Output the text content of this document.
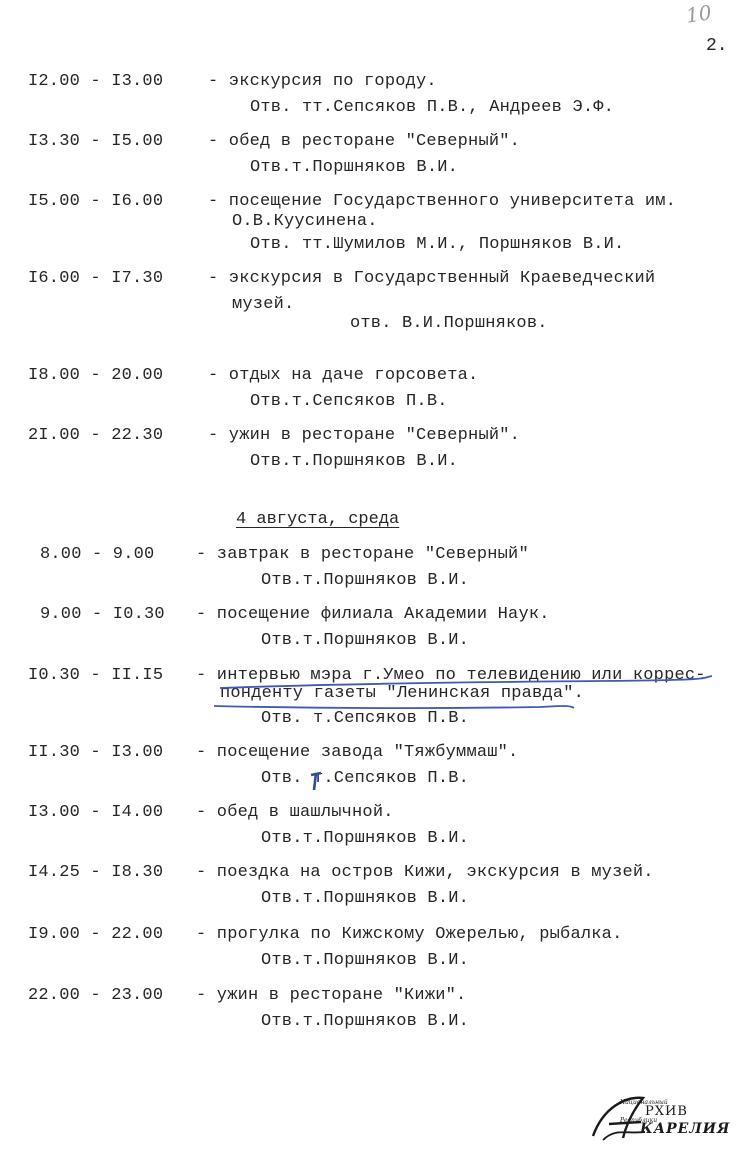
10
2.
I2.00 - I3.00	- экскурсия по городу.
Отв. тт.Сепсяков П.В., Андреев Э.Ф.
I3.30 - I5.00	- обед в ресторане "Северный".
Отв.т.Поршняков В.И.
I5.00 - I6.00	- посещение Государственного университета им.
О.В.Куусинена.
Отв. тт.Шумилов М.И., Поршняков В.И.
I6.00 - I7.30	- экскурсия в Государственный Краеведческий
музей.
отв. В.И.Поршняков.
I8.00 - 20.00	- отдых на даче горсовета.
Отв.т.Сепсяков П.В.
2I.00 - 22.30	- ужин в ресторане "Северный".
Отв.т.Поршняков В.И.
4 августа, среда
8.00 - 9.00 - завтрак в ресторане "Северный"
Отв.т.Поршняков В.И.
9.00 - I0.30 - посещение филиала Академии Наук.
Отв.т.Поршняков В.И.
I0.30 - II.I5 - интервью мэра г.Умео по телевидению или коррес-
понденту газеты "Ленинская правда".
Отв. т.Сепсяков П.В.
II.30 - I3.00 - посещение завода "Тяжбуммаш".
Отв. т.Сепсяков П.В.
I3.00 - I4.00 - обед в шашлычной.
Отв.т.Поршняков В.И.
I4.25 - I8.30 - поездка на остров Кижи, экскурсия в музей.
Отв.т.Поршняков В.И.
I9.00 - 22.00 - прогулка по Кижскому Ожерелью, рыбалка.
Отв.т.Поршняков В.И.
22.00 - 23.00 - ужин в ресторане "Кижи".
Отв.т.Поршняков В.И.
Национальный
РХИВ
Республики
КАРЕЛИЯ
